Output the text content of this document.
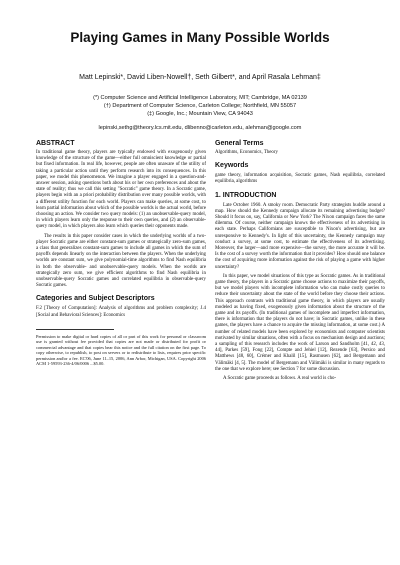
Playing Games in Many Possible Worlds
Matt Lepinski*, David Liben-Nowell†, Seth Gilbert*, and April Rasala Lehman‡
(*) Computer Science and Artificial Intelligence Laboratory, MIT; Cambridge, MA 02139
(†) Department of Computer Science, Carleton College; Northfield, MN 55057
(‡) Google, Inc.; Mountain View, CA 94043
lepinski,sethg@theory.lcs.mit.edu, dlibenno@carleton.edu, alehman@google.com
ABSTRACT
In traditional game theory, players are typically endowed with exogenously given knowledge of the structure of the game—either full omniscient knowledge or partial but fixed information. In real life, however, people are often unaware of the utility of taking a particular action until they perform research into its consequences. In this paper, we model this phenomenon. We imagine a player engaged in a question-and-answer session, asking questions both about his or her own preferences and about the state of reality; thus we call this setting "Socratic" game theory. In a Socratic game, players begin with an a priori probability distribution over many possible worlds, with a different utility function for each world. Players can make queries, at some cost, to learn partial information about which of the possible worlds is the actual world, before choosing an action. We consider two query models: (1) an unobservable-query model, in which players learn only the response to their own queries, and (2) an observable-query model, in which players also learn which queries their opponents made.
The results in this paper consider cases in which the underlying worlds of a two-player Socratic game are either constant-sum games or strategically zero-sum games, a class that generalizes constant-sum games to include all games in which the sum of payoffs depends linearly on the interaction between the players. When the underlying worlds are constant sum, we give polynomial-time algorithms to find Nash equilibria in both the observable- and unobservable-query models. When the worlds are strategically zero sum, we give efficient algorithms to find Nash equilibria in unobservable-query Socratic games and correlated equilibria in observable-query Socratic games.
Categories and Subject Descriptors
F.2 [Theory of Computation]: Analysis of algorithms and problem complexity; J.4 [Social and Behavioral Sciences]: Economics
Permission to make digital or hard copies of all or part of this work for personal or classroom use is granted without fee provided that copies are not made or distributed for profit or commercial advantage and that copies bear this notice and the full citation on the first page. To copy otherwise, to republish, to post on servers or to redistribute to lists, requires prior specific permission and/or a fee. EC'06, June 11–15, 2006, Ann Arbor, Michigan, USA. Copyright 2006 ACM 1-59593-236-4/06/0006 ...$5.00.
General Terms
Algorithms, Economics, Theory
Keywords
game theory, information acquisition, Socratic games, Nash equilibria, correlated equilibria, algorithms
1. INTRODUCTION
Late October 1960. A smoky room. Democratic Party strategists huddle around a map. How should the Kennedy campaign allocate its remaining advertising budget? Should it focus on, say, California or New York? The Nixon campaign faces the same dilemma. Of course, neither campaign knows the effectiveness of its advertising in each state. Perhaps Californians are susceptible to Nixon's advertising, but are unresponsive to Kennedy's. In light of this uncertainty, the Kennedy campaign may conduct a survey, at some cost, to estimate the effectiveness of its advertising. Moreover, the larger—and more expensive—the survey, the more accurate it will be. Is the cost of a survey worth the information that it provides? How should one balance the cost of acquiring more information against the risk of playing a game with higher uncertainty?
In this paper, we model situations of this type as Socratic games. As in traditional game theory, the players in a Socratic game choose actions to maximize their payoffs, but we model players with incomplete information who can make costly queries to reduce their uncertainty about the state of the world before they choose their actions. This approach contrasts with traditional game theory, in which players are usually modeled as having fixed, exogenously given information about the structure of the game and its payoffs. (In traditional games of incomplete and imperfect information, there is information that the players do not have; in Socratic games, unlike in these games, the players have a chance to acquire the missing information, at some cost.) A number of related models have been explored by economists and computer scientists motivated by similar situations, often with a focus on mechanism design and auctions; a sampling of this research includes the work of Larson and Sandholm [41, 42, 43, 44], Parkes [59], Fong [22], Compte and Jehiel [12], Rezende [63], Persico and Matthews [48, 60], Crémer and Khalil [15], Rasmusen [62], and Bergemann and Välimäki [4, 5]. The model of Bergemann and Välimäki is similar in many regards to the one that we explore here; see Section 7 for some discussion.
A Socratic game proceeds as follows. A real world is cho-
